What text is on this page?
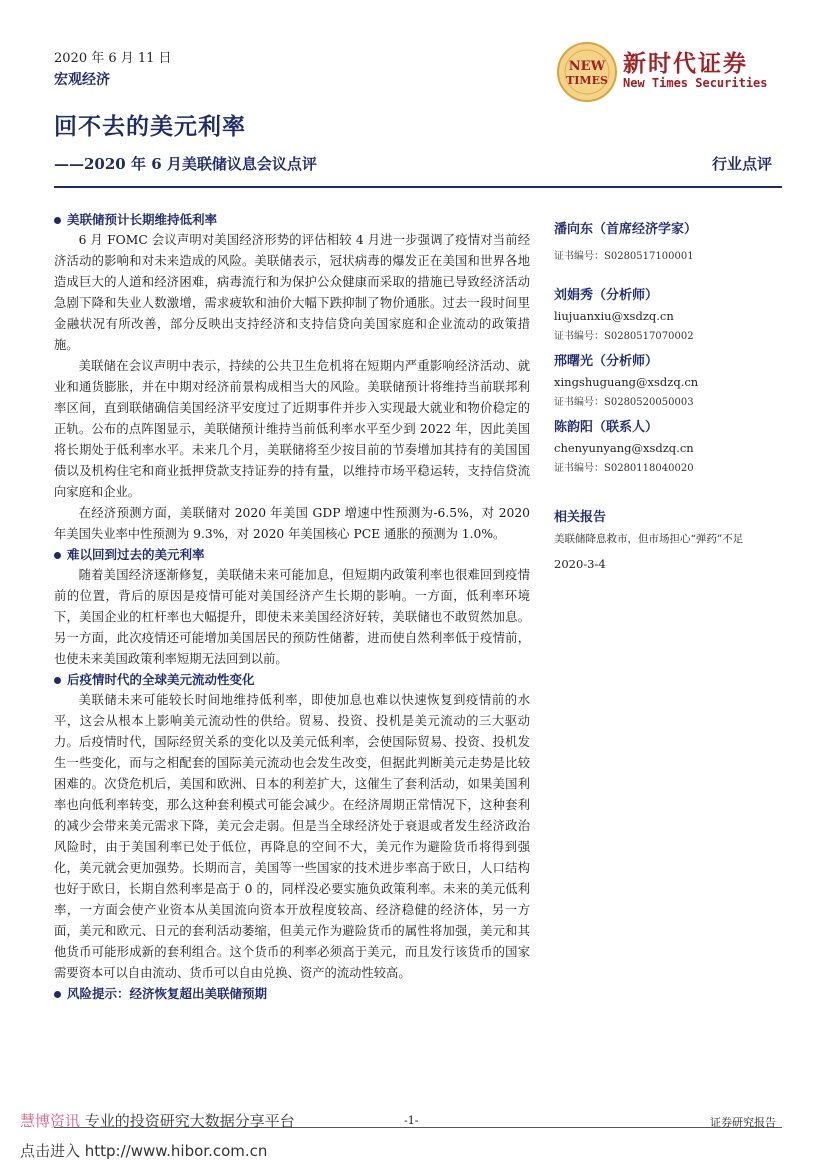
2020 年 6 月 11 日
宏观经济
回不去的美元利率
——2020 年 6 月美联储议息会议点评	行业点评
NEW
TIMES
新时代证券
New Times Securities
美联储预计长期维持低利率

6 月 FOMC 会议声明对美国经济形势的评估相较 4 月进一步强调了疫情对当前经济活动的影响和对未来造成的风险。美联储表示，冠状病毒的爆发正在美国和世界各地造成巨大的人道和经济困难，病毒流行和为保护公众健康而采取的措施已导致经济活动急剧下降和失业人数激增，需求疲软和油价大幅下跌抑制了物价通胀。过去一段时间里金融状况有所改善，部分反映出支持经济和支持信贷向美国家庭和企业流动的政策措施。

美联储在会议声明中表示，持续的公共卫生危机将在短期内严重影响经济活动、就业和通货膨胀，并在中期对经济前景构成相当大的风险。美联储预计将维持当前联邦利率区间，直到联储确信美国经济平安度过了近期事件并步入实现最大就业和物价稳定的正轨。公布的点阵图显示，美联储预计维持当前低利率水平至少到 2022 年，因此美国将长期处于低利率水平。未来几个月，美联储将至少按目前的节奏增加其持有的美国国债以及机构住宅和商业抵押贷款支持证券的持有量，以维持市场平稳运转，支持信贷流向家庭和企业。

在经济预测方面，美联储对 2020 年美国 GDP 增速中性预测为-6.5%，对 2020 年美国失业率中性预测为 9.3%，对 2020 年美国核心 PCE 通胀的预测为 1.0%。

难以回到过去的美元利率

随着美国经济逐渐修复，美联储未来可能加息，但短期内政策利率也很难回到疫情前的位置，背后的原因是疫情可能对美国经济产生长期的影响。一方面，低利率环境下，美国企业的杠杆率也大幅提升，即使未来美国经济好转，美联储也不敢贸然加息。另一方面，此次疫情还可能增加美国居民的预防性储蓄，进而使自然利率低于疫情前，也使未来美国政策利率短期无法回到以前。

后疫情时代的全球美元流动性变化

美联储未来可能较长时间地维持低利率，即使加息也难以快速恢复到疫情前的水平，这会从根本上影响美元流动性的供给。贸易、投资、投机是美元流动的三大驱动力。后疫情时代，国际经贸关系的变化以及美元低利率，会使国际贸易、投资、投机发生一些变化，而与之相配套的国际美元流动也会发生改变，但据此判断美元走势是比较困难的。次贷危机后，美国和欧洲、日本的利差扩大，这催生了套利活动，如果美国利率也向低利率转变，那么这种套利模式可能会减少。在经济周期正常情况下，这种套利的减少会带来美元需求下降，美元会走弱。但是当全球经济处于衰退或者发生经济政治风险时，由于美国利率已处于低位，再降息的空间不大，美元作为避险货币将得到强化，美元就会更加强势。长期而言，美国等一些国家的技术进步率高于欧日，人口结构也好于欧日，长期自然利率是高于 0 的，同样没必要实施负政策利率。未来的美元低利率，一方面会使产业资本从美国流向资本开放程度较高、经济稳健的经济体，另一方面，美元和欧元、日元的套利活动萎缩，但美元作为避险货币的属性将加强，美元和其他货币可能形成新的套利组合。这个货币的利率必须高于美元，而且发行该货币的国家需要资本可以自由流动、货币可以自由兑换、资产的流动性较高。

风险提示：经济恢复超出美联储预期
潘向东（首席经济学家）
证书编号：S0280517100001
刘娟秀（分析师）
liujuanxiu@xsdzq.cn
证书编号：S0280517070002
邢曙光（分析师）
xingshuguang@xsdzq.cn
证书编号：S0280520050003
陈韵阳（联系人）
chenyunyang@xsdzq.cn
证书编号：S0280118040020
相关报告
美联储降息救市，但市场担心“弹药”不足
2020-3-4
慧博资讯 专业的投资研究大数据分享平台	-1-	证券研究报告
点击进入 http://www.hibor.com.cn
